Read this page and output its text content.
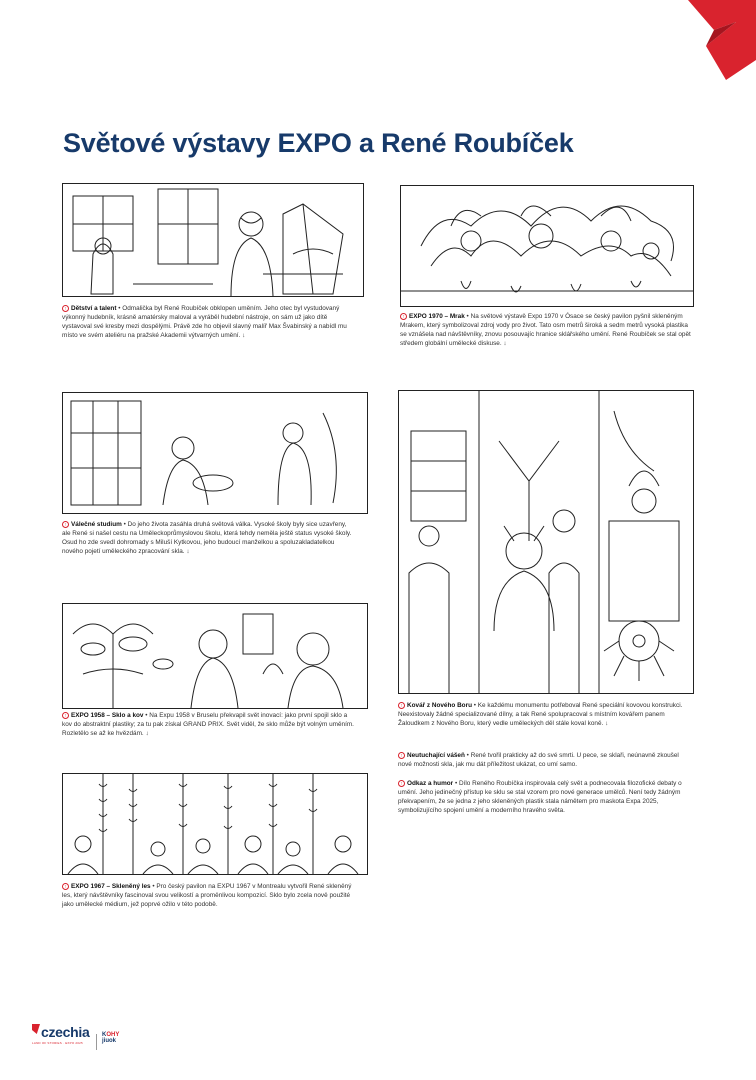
Světové výstavy EXPO a René Roubíček
↑ Dětství a talent • Odmalička byl René Roubíček obklopen uměním. Jeho otec byl vystudovaný výkonný hudebník, krásně amatérsky maloval a vyráběl hudební nástroje, on sám už jako dítě vystavoval své kresby mezi dospělými. Právě zde ho objevil slavný malíř Max Švabinský a nabídl mu místo ve svém ateliéru na pražské Akademii výtvarných umění. ↓
↑ EXPO 1970 – Mrak • Na světové výstavě Expo 1970 v Ósace se český pavilon pyšnil skleněným Mrakem, který symbolizoval zdroj vody pro život. Tato osm metrů široká a sedm metrů vysoká plastika se vznášela nad návštěvníky, znovu posouvajíc hranice sklářského umění. René Roubíček se stal opět středem globální umělecké diskuse. ↓
↑ Válečné studium • Do jeho života zasáhla druhá světová válka. Vysoké školy byly sice uzavřeny, ale René si našel cestu na Uměleckoprůmyslovou školu, která tehdy neměla ještě status vysoké školy. Osud ho zde svedl dohromady s Miluší Kytkovou, jeho budoucí manželkou a spoluzakladatelkou nového pojetí uměleckého zpracování skla. ↓
↑ EXPO 1958 – Sklo a kov • Na Expu 1958 v Bruselu překvapil svět inovací: jako první spojil sklo a kov do abstraktní plastiky; za tu pak získal GRAND PRIX. Svět viděl, že sklo může být volným uměním. Rozletělo se až ke hvězdám. ↓
↑ Kovář z Nového Boru • Ke každému monumentu potřeboval René speciální kovovou konstrukci. Neexistovaly žádné specializované dílny, a tak René spolupracoval s místním kovářem panem Žaloudkem z Nového Boru, který vedle uměleckých děl stále koval koně. ↓
↑ Neutuchající vášeň • René tvořil prakticky až do své smrti. U pece, se sklaři, neúnavně zkoušel nové možnosti skla, jak mu dát příležitost ukázat, co umí samo.
↑ Odkaz a humor • Dílo Reného Roubíčka inspirovala celý svět a podnecovala filozofické debaty o umění. Jeho jedinečný přístup ke sklu se stal vzorem pro nové generace umělců. Není tedy žádným překvapením, že se jedna z jeho skleněných plastik stala námětem pro maskota Expa 2025, symbolizujícího spojení umění a moderního hravého světa.
↑ EXPO 1967 – Skleněný les • Pro český pavilon na EXPU 1967 v Montrealu vytvořil René skleněný les, který návštěvníky fascinoval svou velikostí a proměnlivou kompozicí. Sklo bylo zcela nově použité jako umělecké médium, jež poprvé ožilo v této podobě.
czechia
LAND OF STORIES · EXPO 2025
KOHY
jiuok
